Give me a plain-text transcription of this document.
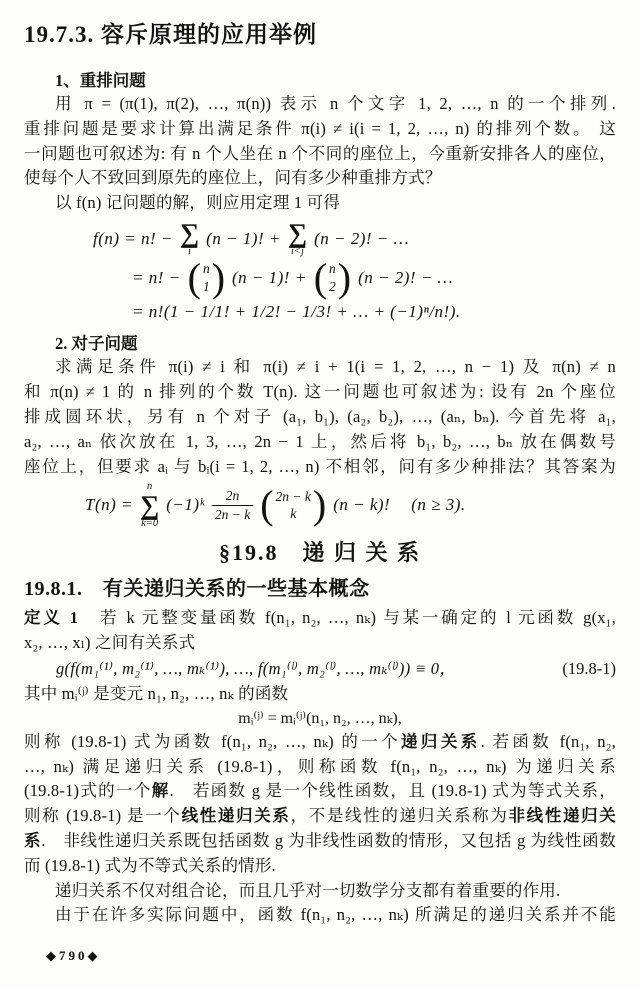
19.7.3. 容斥原理的应用举例
1、重排问题
用 π = (π(1), π(2), …, π(n)) 表示 n 个文字 1, 2, …, n 的一个排列.
重排问题是要求计算出满足条件 π(i) ≠ i(i = 1, 2, …, n) 的排列个数。 这
一问题也可叙述为: 有 n 个人坐在 n 个不同的座位上，今重新安排各人的座位，
使每个人不致回到原先的座位上，问有多少种重排方式？
以 f(n) 记问题的解，则应用定理 1 可得
f(n) = n! − ∑
i
(n − 1)! + ∑
i<j
(n − 2)! − …
= n! − ( n
1 ) (n − 1)! + ( n
2 ) (n − 2)! − …
= n!(1 − 1/1! + 1/2! − 1/3! + … + (−1)ⁿ/n!).
2. 对子问题
求满足条件 π(i) ≠ i 和 π(i) ≠ i + 1(i = 1, 2, …, n − 1) 及 π(n) ≠ n
和 π(n) ≠ 1 的 n 排列的个数 T(n). 这一问题也可叙述为: 设有 2n 个座位
排成圆环状，另有 n 个对子 (a₁, b₁), (a₂, b₂), …, (aₙ, bₙ). 今首先将 a₁,
a₂, …, aₙ 依次放在 1, 3, …, 2n − 1 上，然后将 b₁, b₂, …, bₙ 放在偶数号
座位上，但要求 aᵢ 与 bᵢ(i = 1, 2, …, n) 不相邻，问有多少种排法？其答案为
T(n) =
n
∑
k=0
(−1)ᵏ $\frac{2n}{2n - k}$ ( 2n − k
k ) (n − k)! (n ≥ 3).
§19.8　递 归 关 系
19.8.1.　有关递归关系的一些基本概念
定义 1　若 k 元整变量函数 f(n₁, n₂, …, nₖ) 与某一确定的 l 元函数 g(x₁,
x₂, …, xₗ) 之间有关系式
g(f(m₁⁽¹⁾, m₂⁽¹⁾, …, mₖ⁽¹⁾), …, f(m₁⁽ˡ⁾, m₂⁽ˡ⁾, …, mₖ⁽ˡ⁾)) ≡ 0，	(19.8-1)
其中 mᵢ⁽ʲ⁾ 是变元 n₁, n₂, …, nₖ 的函数
mᵢ⁽ʲ⁾ = mᵢ⁽ʲ⁾(n₁, n₂, …, nₖ),
则称 (19.8-1) 式为函数 f(n₁, n₂, …, nₖ) 的一个递归关系. 若函数 f(n₁, n₂,
…, nₖ) 满足递归关系 (19.8-1)，则称函数 f(n₁, n₂, …, nₖ) 为递归关系
(19.8-1)式的一个解.　若函数 g 是一个线性函数，且 (19.8-1) 式为等式关系，
则称 (19.8-1) 是一个线性递归关系，不是线性的递归关系称为非线性递归关
系.　非线性递归关系既包括函数 g 为非线性函数的情形，又包括 g 为线性函数
而 (19.8-1) 式为不等式关系的情形.
递归关系不仅对组合论，而且几乎对一切数学分支都有着重要的作用.
由于在许多实际问题中，函数 f(n₁, n₂, …, nₖ) 所满足的递归关系并不能
◆790◆
